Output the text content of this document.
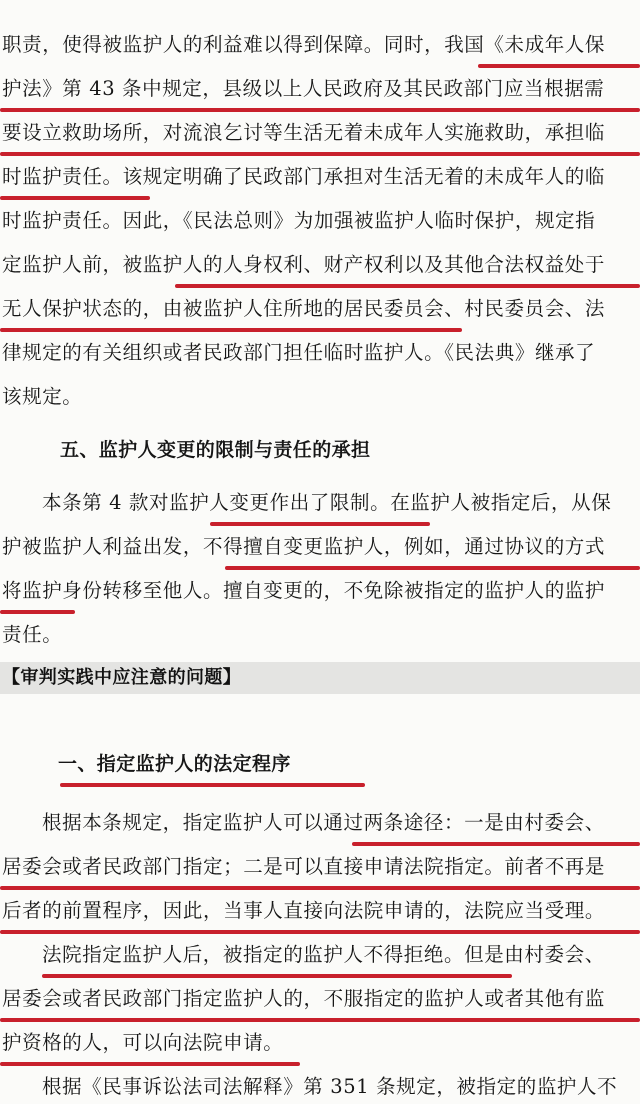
职责，使得被监护人的利益难以得到保障。同时，我国《未成年人保
护法》第 43 条中规定，县级以上人民政府及其民政部门应当根据需
要设立救助场所，对流浪乞讨等生活无着未成年人实施救助，承担临
时监护责任。该规定明确了民政部门承担对生活无着的未成年人的临
时监护责任。因此，《民法总则》为加强被监护人临时保护，规定指
定监护人前，被监护人的人身权利、财产权利以及其他合法权益处于
无人保护状态的，由被监护人住所地的居民委员会、村民委员会、法
律规定的有关组织或者民政部门担任临时监护人。《民法典》继承了
该规定。
五、监护人变更的限制与责任的承担
本条第 4 款对监护人变更作出了限制。在监护人被指定后，从保
护被监护人利益出发，不得擅自变更监护人，例如，通过协议的方式
将监护身份转移至他人。擅自变更的，不免除被指定的监护人的监护
责任。
【审判实践中应注意的问题】
一、指定监护人的法定程序
根据本条规定，指定监护人可以通过两条途径：一是由村委会、
居委会或者民政部门指定；二是可以直接申请法院指定。前者不再是
后者的前置程序，因此，当事人直接向法院申请的，法院应当受理。
法院指定监护人后，被指定的监护人不得拒绝。但是由村委会、
居委会或者民政部门指定监护人的，不服指定的监护人或者其他有监
护资格的人，可以向法院申请。
根据《民事诉讼法司法解释》第 351 条规定，被指定的监护人不
